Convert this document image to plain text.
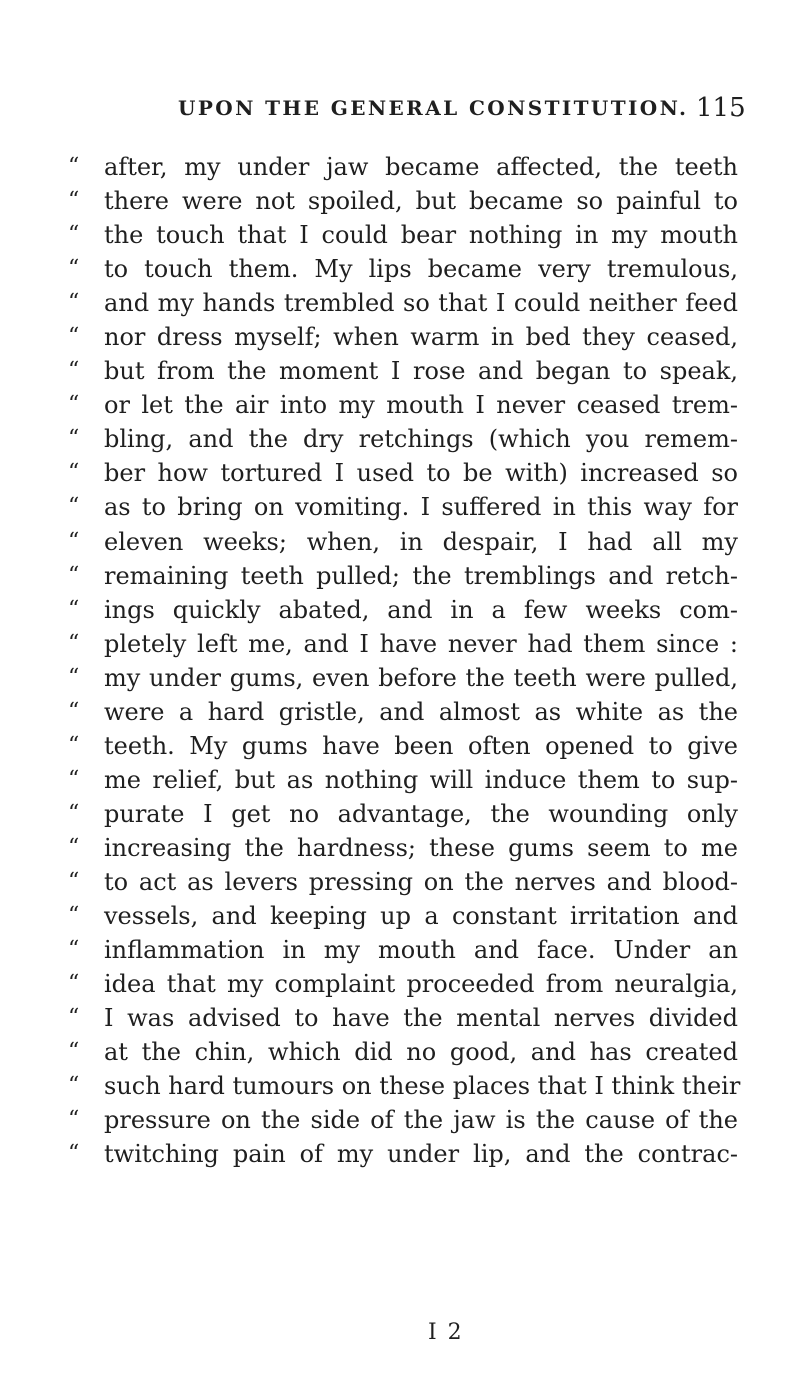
UPON THE GENERAL CONSTITUTION. 115
“ after, my under jaw became affected, the teeth
“ there were not spoiled, but became so painful to
“ the touch that I could bear nothing in my mouth
“ to touch them. My lips became very tremulous,
“ and my hands trembled so that I could neither feed
“ nor dress myself; when warm in bed they ceased,
“ but from the moment I rose and began to speak,
“ or let the air into my mouth I never ceased trem-
“ bling, and the dry retchings (which you remem-
“ ber how tortured I used to be with) increased so
“ as to bring on vomiting. I suffered in this way for
“ eleven weeks; when, in despair, I had all my
“ remaining teeth pulled; the tremblings and retch-
“ ings quickly abated, and in a few weeks com-
“ pletely left me, and I have never had them since :
“ my under gums, even before the teeth were pulled,
“ were a hard gristle, and almost as white as the
“ teeth. My gums have been often opened to give
“ me relief, but as nothing will induce them to sup-
“ purate I get no advantage, the wounding only
“ increasing the hardness; these gums seem to me
“ to act as levers pressing on the nerves and blood-
“ vessels, and keeping up a constant irritation and
“ inflammation in my mouth and face. Under an
“ idea that my complaint proceeded from neuralgia,
“ I was advised to have the mental nerves divided
“ at the chin, which did no good, and has created
“ such hard tumours on these places that I think their
“ pressure on the side of the jaw is the cause of the
“ twitching pain of my under lip, and the contrac-
I 2
